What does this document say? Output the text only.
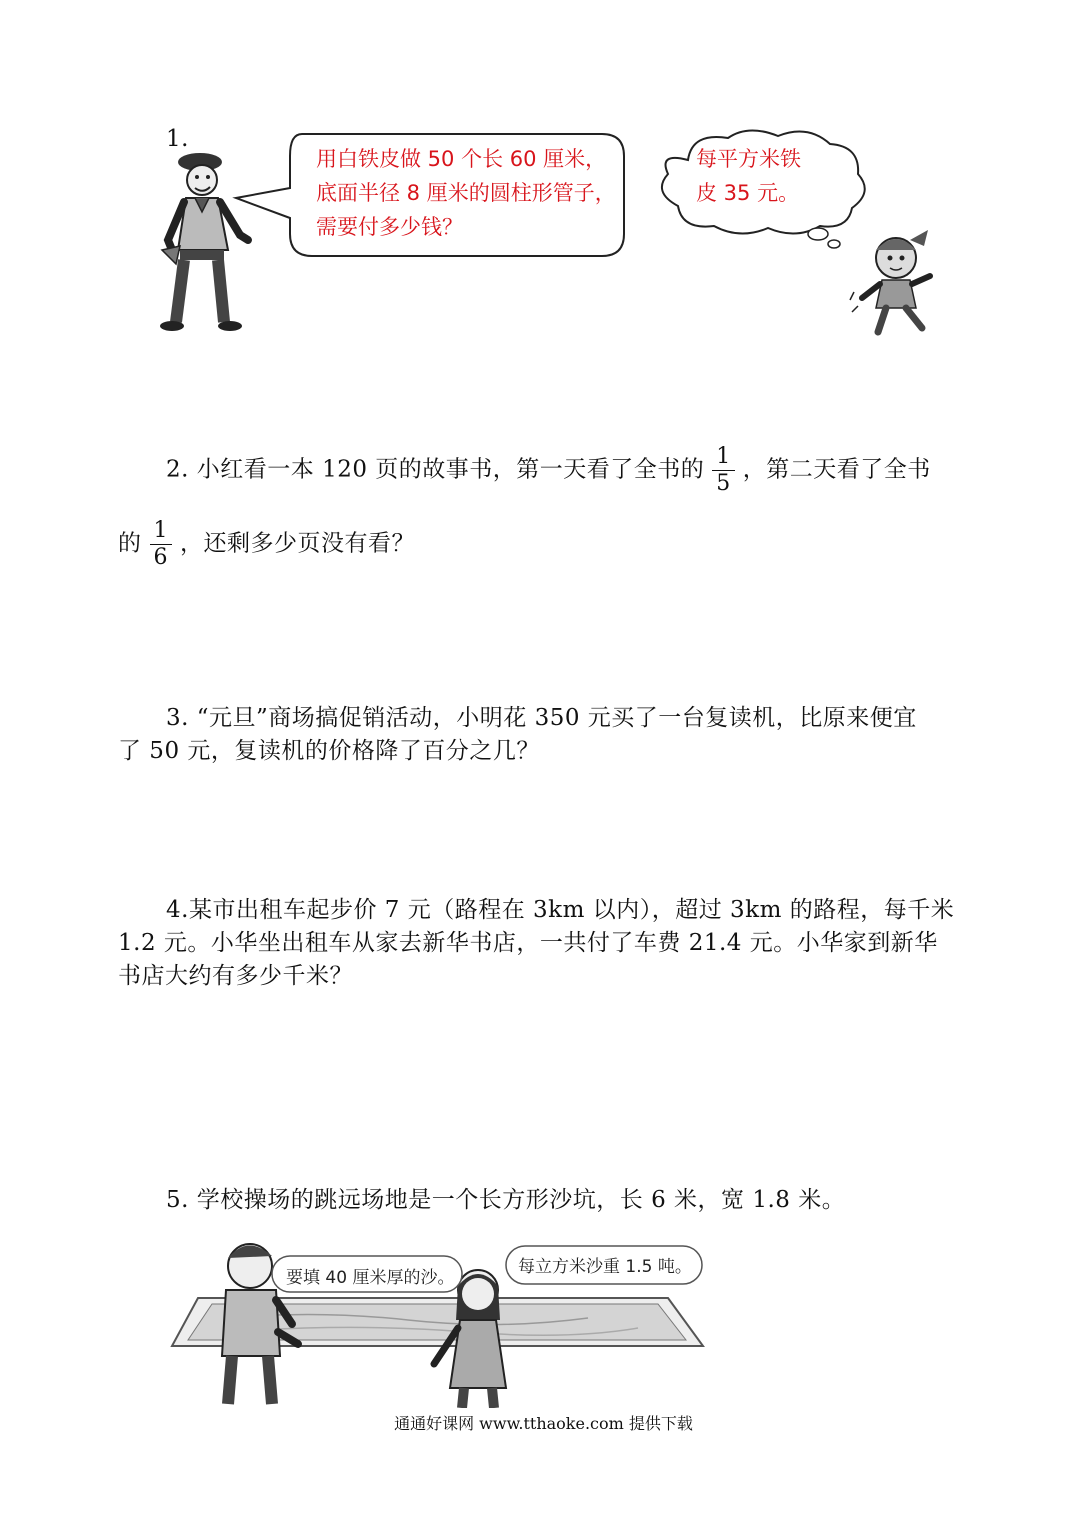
1.
用白铁皮做 50 个长 60 厘米，
底面半径 8 厘米的圆柱形管子，
需要付多少钱？
每平方米铁
皮 35 元。
2. 小红看一本 120 页的故事书，第一天看了全书的 $\frac{1}{5}$ ，第二天看了全书
的 $\frac{1}{6}$ ，还剩多少页没有看？
3. “元旦”商场搞促销活动，小明花 350 元买了一台复读机，比原来便宜
了 50 元，复读机的价格降了百分之几？
4.某市出租车起步价 7 元（路程在 3km 以内），超过 3km 的路程，每千米
1.2 元。小华坐出租车从家去新华书店，一共付了车费 21.4 元。小华家到新华
书店大约有多少千米？
5. 学校操场的跳远场地是一个长方形沙坑，长 6 米，宽 1.8 米。
要填 40 厘米厚的沙。
每立方米沙重 1.5 吨。
通通好课网 www.tthaoke.com 提供下载
